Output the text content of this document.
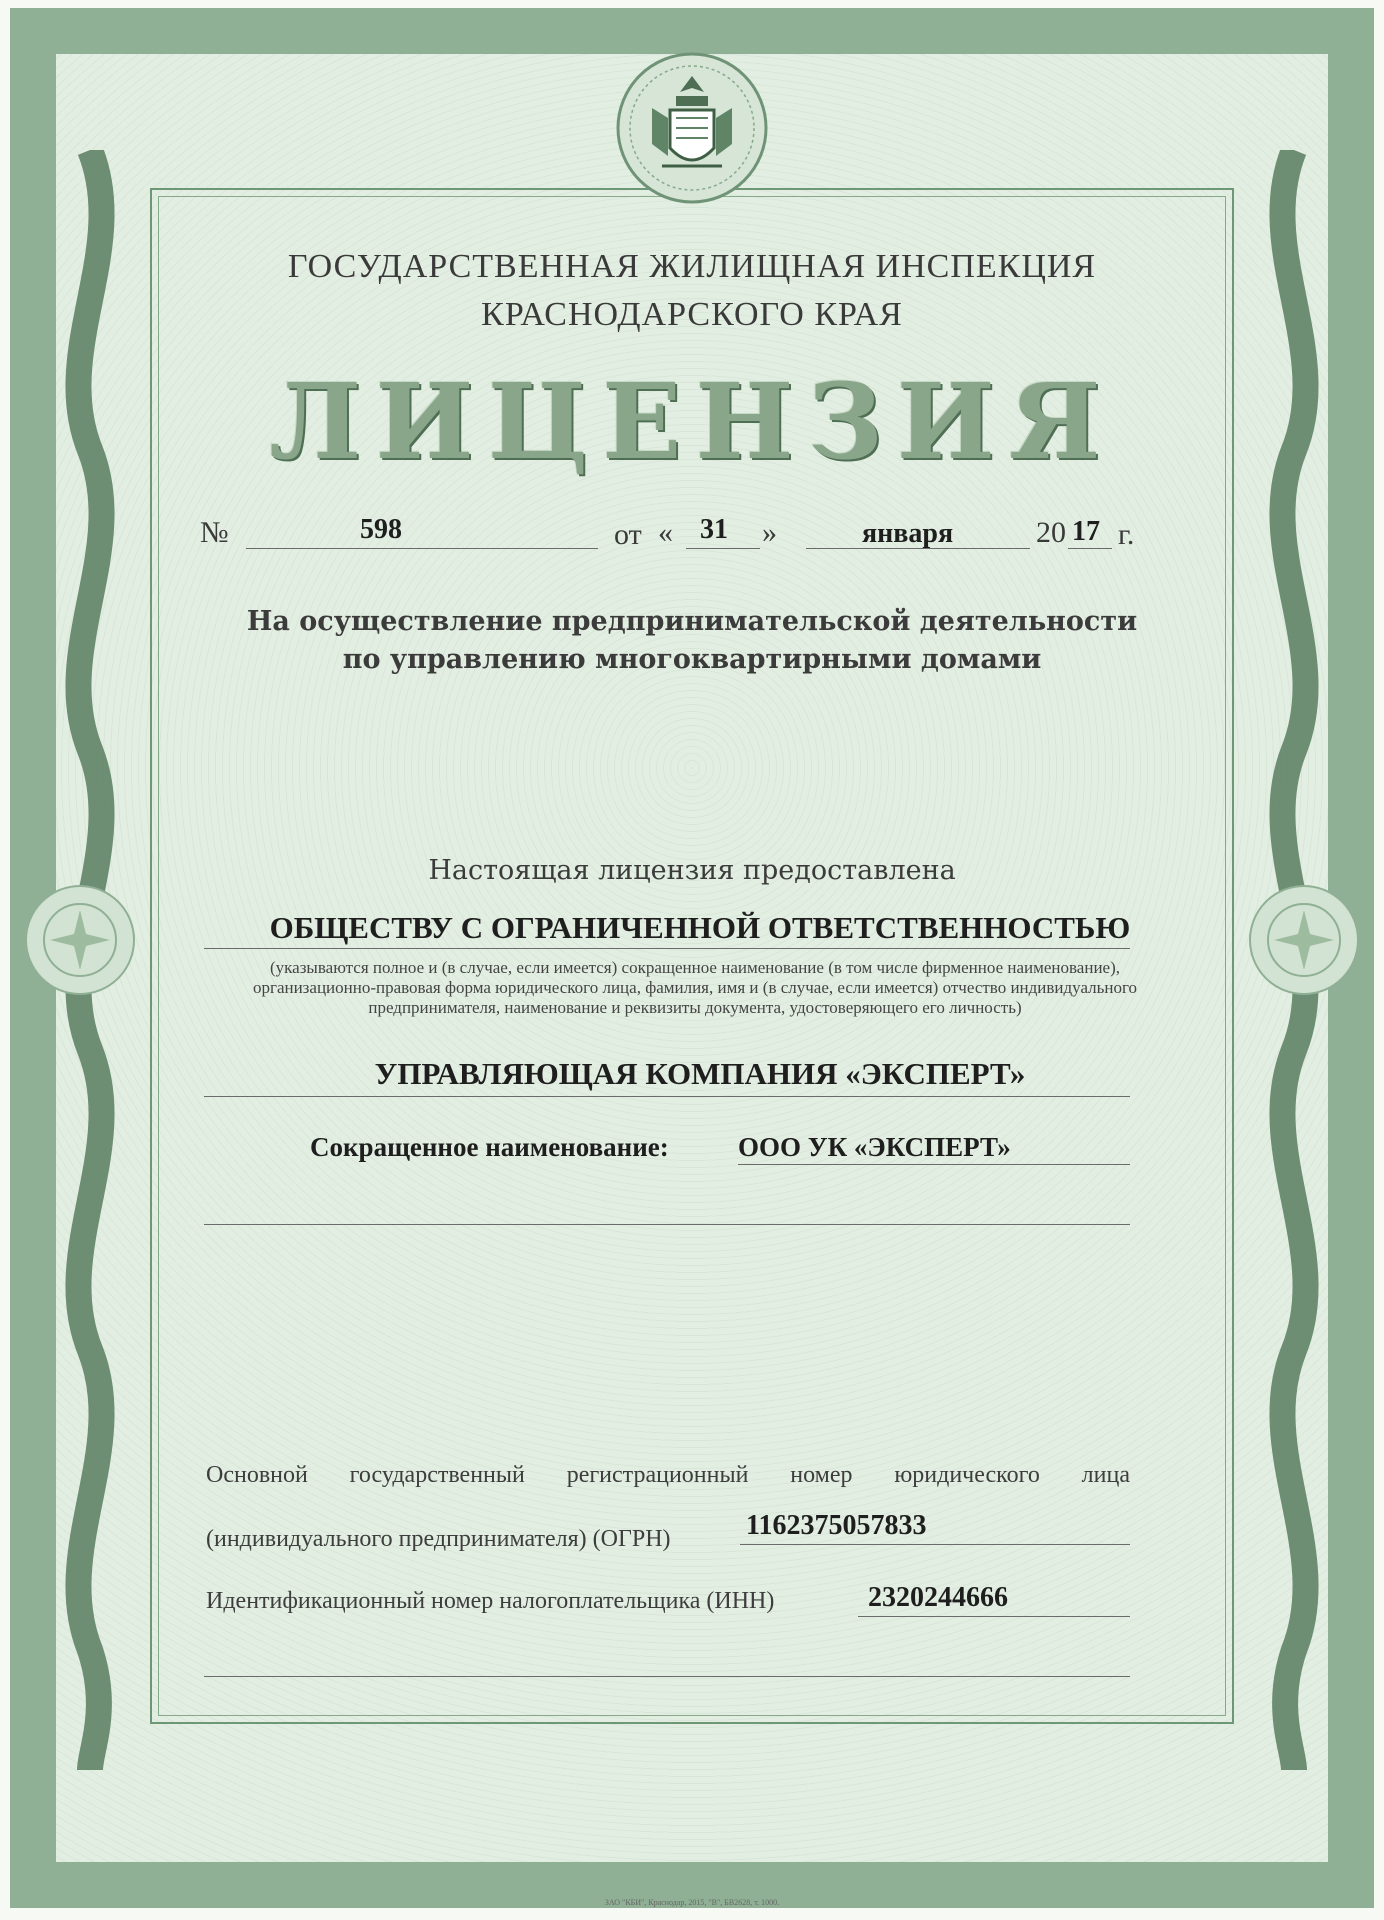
ГОСУДАРСТВЕННАЯ ЖИЛИЩНАЯ ИНСПЕКЦИЯ
КРАСНОДАРСКОГО КРАЯ
ЛИЦЕНЗИЯ
№	598	от « 31 »	января	20 17 г.
На осуществление предпринимательской деятельности
по управлению многоквартирными домами
Настоящая лицензия предоставлена
ОБЩЕСТВУ С ОГРАНИЧЕННОЙ ОТВЕТСТВЕННОСТЬЮ
(указываются полное и (в случае, если имеется) сокращенное наименование (в том числе фирменное наименование), организационно-правовая форма юридического лица, фамилия, имя и (в случае, если имеется) отчество индивидуального предпринимателя, наименование и реквизиты документа, удостоверяющего его личность)
УПРАВЛЯЮЩАЯ КОМПАНИЯ «ЭКСПЕРТ»
Сокращенное наименование:	ООО УК «ЭКСПЕРТ»
Основной государственный регистрационный номер юридического лица
(индивидуального предпринимателя) (ОГРН)	1162375057833
Идентификационный номер налогоплательщика (ИНН)	2320244666
ЗАО "КБИ", Краснодар, 2015, "В", БВ2628, т. 1000.
